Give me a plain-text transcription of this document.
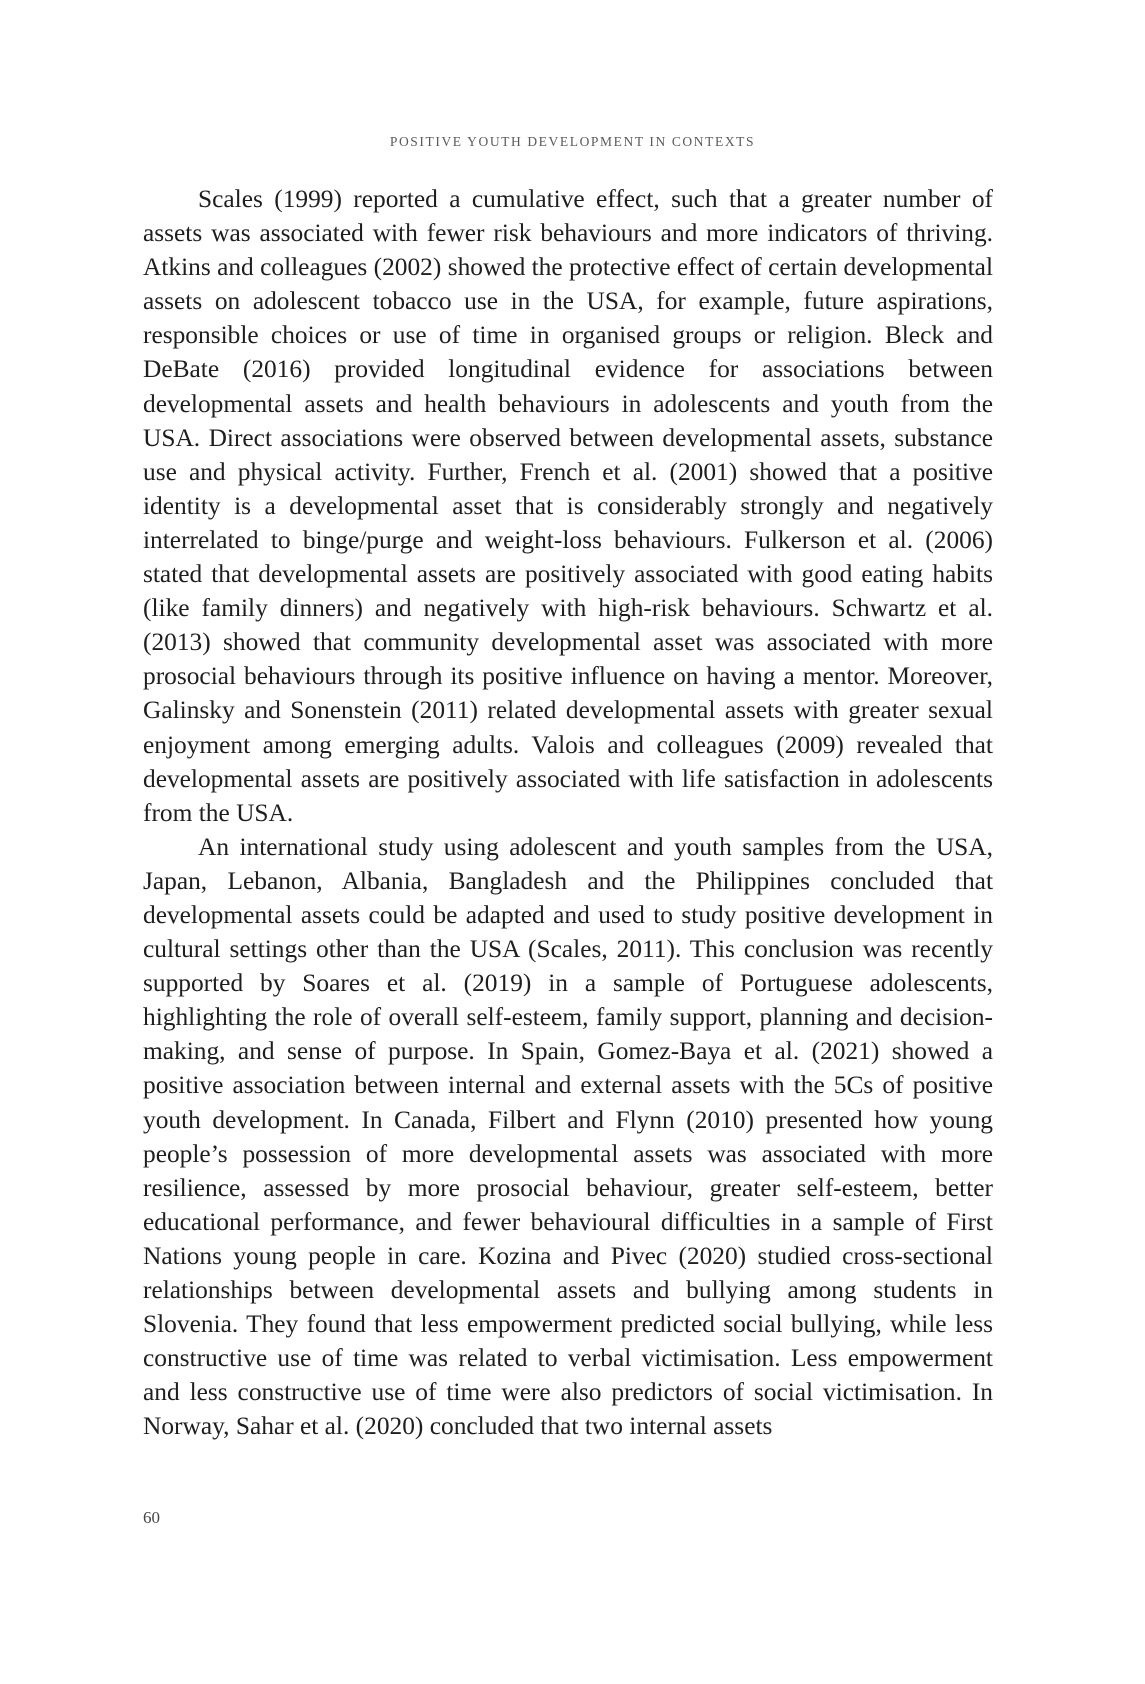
POSITIVE YOUTH DEVELOPMENT IN CONTEXTS

Scales (1999) reported a cumulative effect, such that a greater number of assets was associated with fewer risk behaviours and more indicators of thriving. Atkins and colleagues (2002) showed the protective effect of certain developmental assets on adolescent tobacco use in the USA, for example, future aspirations, responsible choices or use of time in organised groups or religion. Bleck and DeBate (2016) provided longitudinal evidence for associations between developmental assets and health behaviours in adolescents and youth from the USA. Direct associations were observed between developmental assets, substance use and physical activity. Further, French et al. (2001) showed that a positive identity is a developmental asset that is considerably strongly and negatively interrelated to binge/purge and weight-loss behaviours. Fulkerson et al. (2006) stated that developmental assets are positively associated with good eating habits (like family dinners) and negatively with high-risk behaviours. Schwartz et al. (2013) showed that community developmental asset was associated with more prosocial behaviours through its positive influence on having a mentor. Moreover, Galinsky and Sonenstein (2011) related developmental assets with greater sexual enjoyment among emerging adults. Valois and colleagues (2009) revealed that developmental assets are positively associated with life satisfaction in adolescents from the USA.

An international study using adolescent and youth samples from the USA, Japan, Lebanon, Albania, Bangladesh and the Philippines concluded that developmental assets could be adapted and used to study positive development in cultural settings other than the USA (Scales, 2011). This conclusion was recently supported by Soares et al. (2019) in a sample of Portuguese adolescents, highlighting the role of overall self-esteem, family support, planning and decision-making, and sense of purpose. In Spain, Gomez-Baya et al. (2021) showed a positive association between internal and external assets with the 5Cs of positive youth development. In Canada, Filbert and Flynn (2010) presented how young people’s possession of more developmental assets was associated with more resilience, assessed by more prosocial behaviour, greater self-esteem, better educational performance, and fewer behavioural difficulties in a sample of First Nations young people in care. Kozina and Pivec (2020) studied cross-sectional relationships between developmental assets and bullying among students in Slovenia. They found that less empowerment predicted social bullying, while less constructive use of time was related to verbal victimisation. Less empowerment and less constructive use of time were also predictors of social victimisation. In Norway, Sahar et al. (2020) concluded that two internal assets

60
